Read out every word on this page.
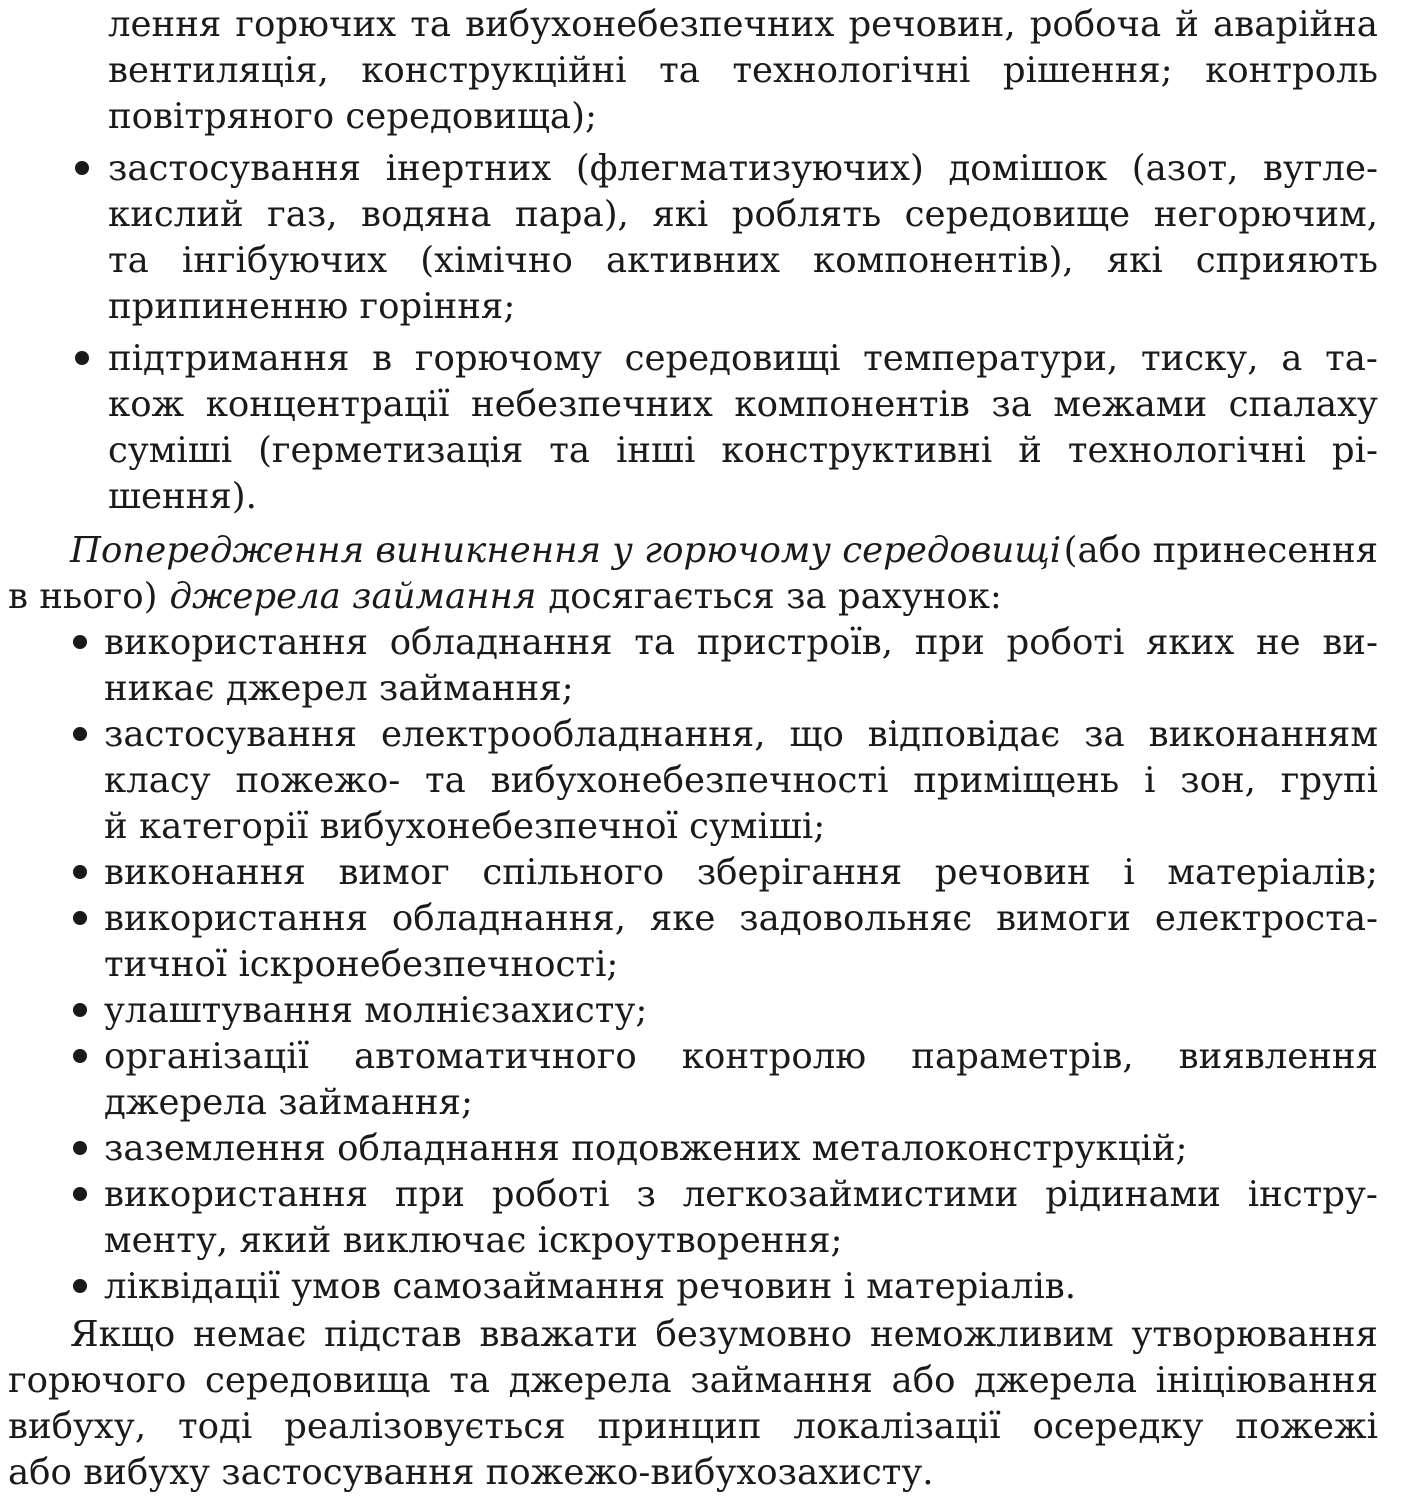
лення горючих та вибухонебезпечних речовин, робоча й аварійна
вентиляція, конструкційні та технологічні рішення; контроль
повітряного середовища);
застосування інертних (флегматизуючих) домішок (азот, вугле-
кислий газ, водяна пара), які роблять середовище негорючим,
та інгібуючих (хімічно активних компонентів), які сприяють
припиненню горіння;
підтримання в горючому середовищі температури, тиску, а та-
кож концентрації небезпечних компонентів за межами спалаху
суміші (герметизація та інші конструктивні й технологічні рі-
шення).
Попередження виникнення у горючому середовищі (або принесення
в нього) джерела займання досягається за рахунок:
використання обладнання та пристроїв, при роботі яких не ви-
никає джерел займання;
застосування електрообладнання, що відповідає за виконанням
класу пожежо- та вибухонебезпечності приміщень і зон, групі
й категорії вибухонебезпечної суміші;
виконання вимог спільного зберігання речовин і матеріалів;
використання обладнання, яке задовольняє вимоги електроста-
тичної іскронебезпечності;
улаштування молнієзахисту;
організації автоматичного контролю параметрів, виявлення
джерела займання;
заземлення обладнання подовжених металоконструкцій;
використання при роботі з легкозаймистими рідинами інстру-
менту, який виключає іскроутворення;
ліквідації умов самозаймання речовин і матеріалів.
Якщо немає підстав вважати безумовно неможливим утворювання
горючого середовища та джерела займання або джерела ініціювання
вибуху, тоді реалізовується принцип локалізації осередку пожежі
або вибуху застосування пожежо-вибухозахисту.
